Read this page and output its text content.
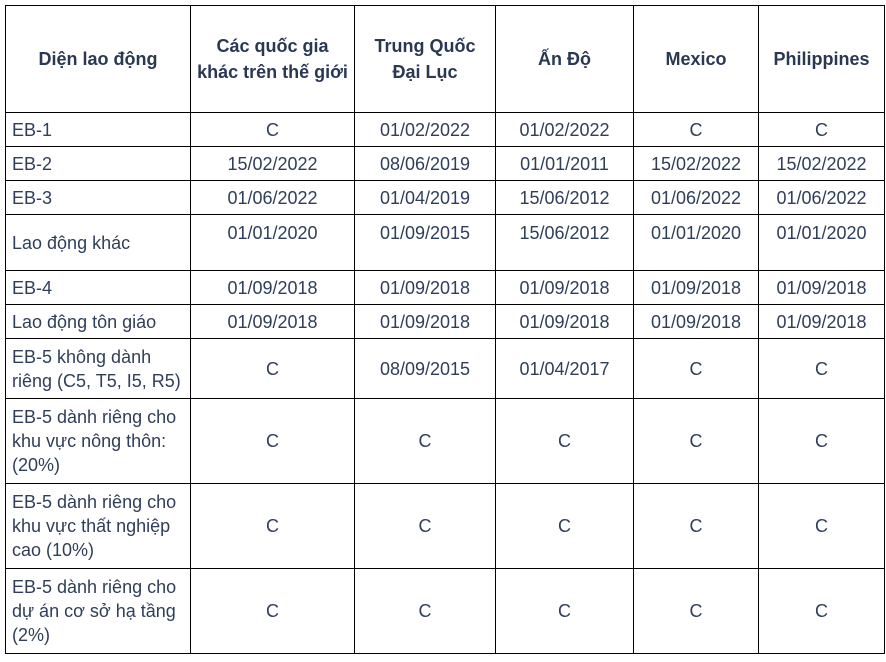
Diện lao động	Các quốc gia khác trên thế giới	Trung Quốc Đại Lục	Ấn Độ	Mexico	Philippines
EB-1	C	01/02/2022	01/02/2022	C	C
EB-2	15/02/2022	08/06/2019	01/01/2011	15/02/2022	15/02/2022
EB-3	01/06/2022	01/04/2019	15/06/2012	01/06/2022	01/06/2022
Lao động khác	01/01/2020	01/09/2015	15/06/2012	01/01/2020	01/01/2020
EB-4	01/09/2018	01/09/2018	01/09/2018	01/09/2018	01/09/2018
Lao động tôn giáo	01/09/2018	01/09/2018	01/09/2018	01/09/2018	01/09/2018
EB-5 không dành riêng (C5, T5, I5, R5)	C	08/09/2015	01/04/2017	C	C
EB-5 dành riêng cho khu vực nông thôn: (20%)	C	C	C	C	C
EB-5 dành riêng cho khu vực thất nghiệp cao (10%)	C	C	C	C	C
EB-5 dành riêng cho dự án cơ sở hạ tầng (2%)	C	C	C	C	C
